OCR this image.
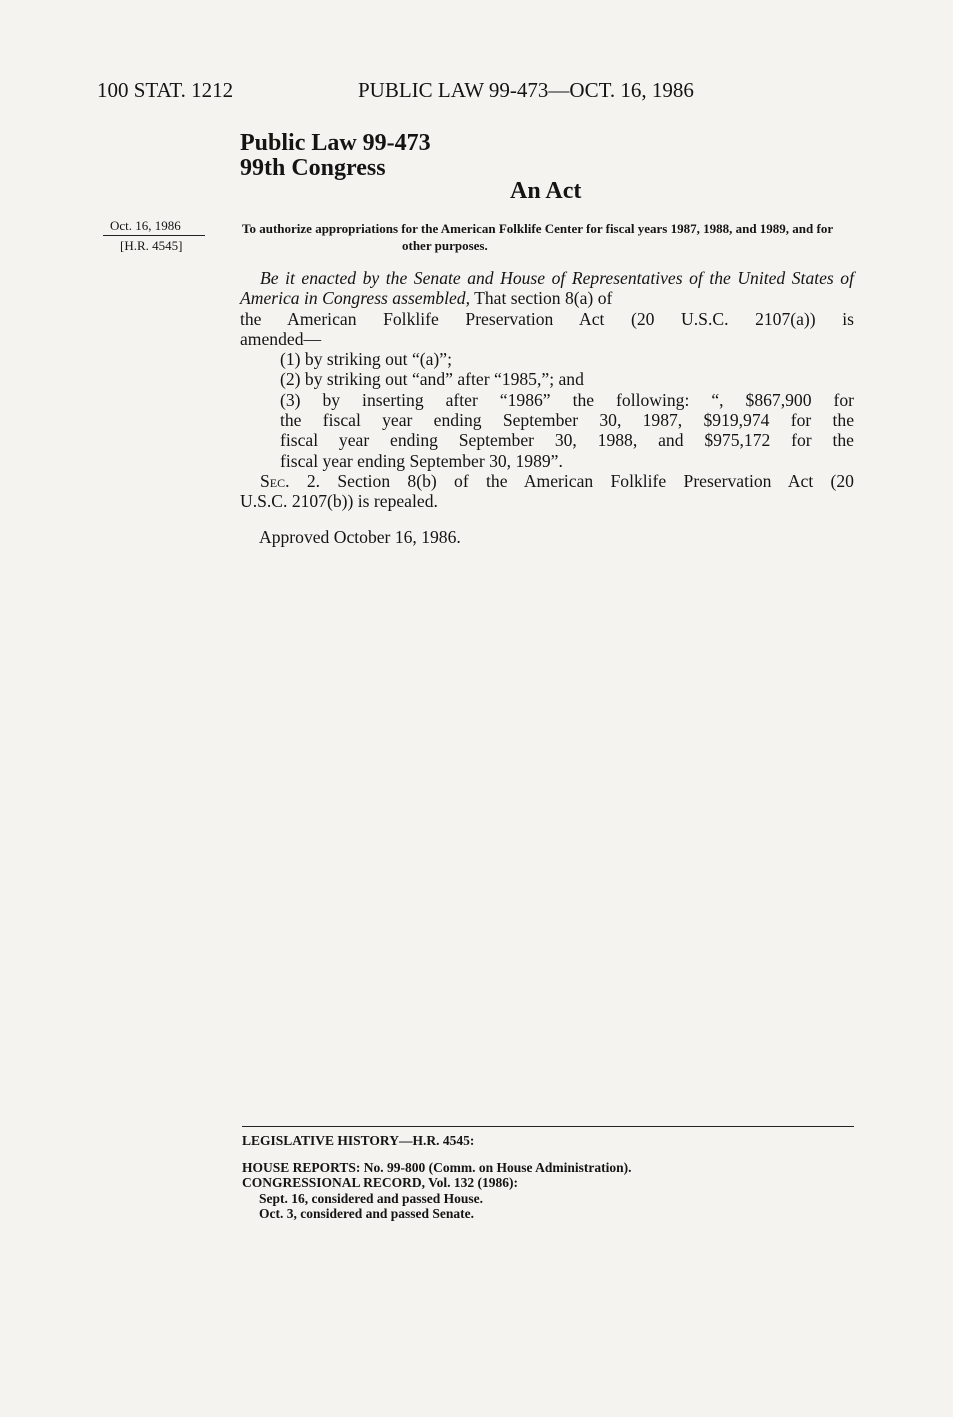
100 STAT. 1212	PUBLIC LAW 99-473—OCT. 16, 1986
Public Law 99-473
99th Congress
An Act
Oct. 16, 1986
[H.R. 4545]
To authorize appropriations for the American Folklife Center for fiscal years 1987, 1988, and 1989, and for other purposes.

Be it enacted by the Senate and House of Representatives of the United States of America in Congress assembled, That section 8(a) of

the American Folklife Preservation Act (20 U.S.C. 2107(a)) is

amended—

(1) by striking out “(a)”;

(2) by striking out “and” after “1985,”; and

(3) by inserting after “1986” the following: “, $867,900 for

the fiscal year ending September 30, 1987, $919,974 for the

fiscal year ending September 30, 1988, and $975,172 for the

fiscal year ending September 30, 1989”.

Sec. 2. Section 8(b) of the American Folklife Preservation Act (20

U.S.C. 2107(b)) is repealed.

Approved October 16, 1986.
LEGISLATIVE HISTORY—H.R. 4545:
HOUSE REPORTS: No. 99-800 (Comm. on House Administration).
CONGRESSIONAL RECORD, Vol. 132 (1986):
Sept. 16, considered and passed House.
Oct. 3, considered and passed Senate.
